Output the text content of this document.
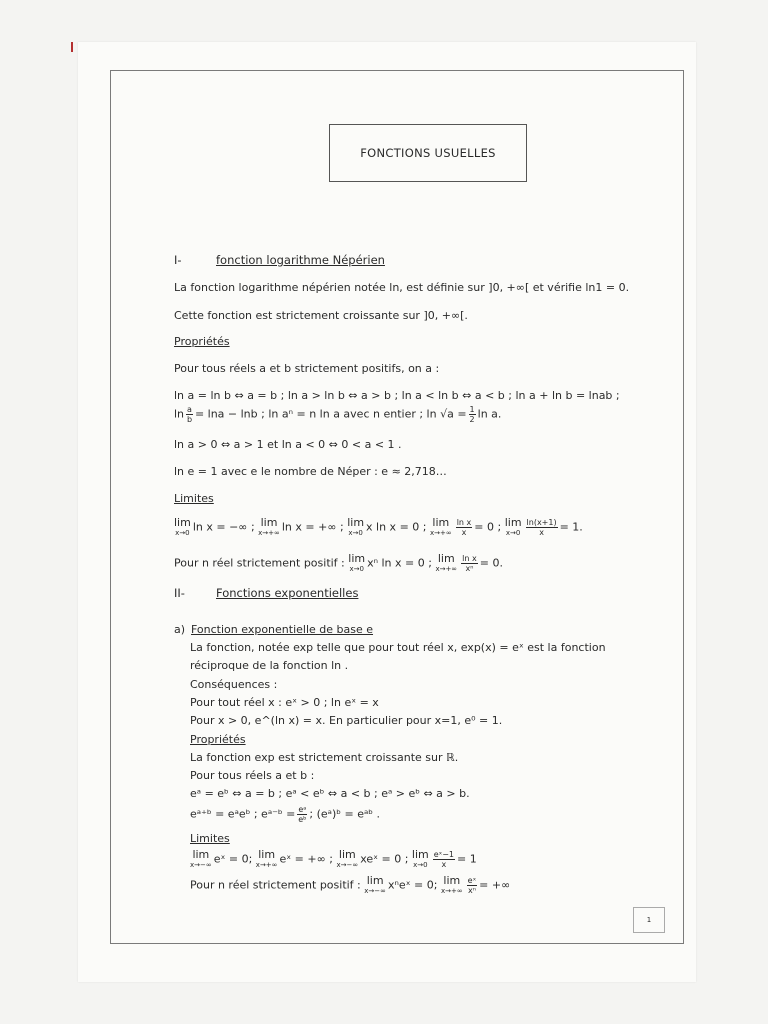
FONCTIONS USUELLES
I-	fonction logarithme Népérien
La fonction logarithme népérien notée ln, est définie sur ]0, +∞[ et vérifie ln1 = 0.
Cette fonction est strictement croissante sur ]0, +∞[.
Propriétés
Pour tous réels a et b strictement positifs, on a :
ln a = ln b ⇔ a = b ; ln a > ln b ⇔ a > b ; ln a < ln b ⇔ a < b ; ln a + ln b = lnab ;
$\ln \frac{a}{b} = \ln a - \ln b$ ; ln aⁿ = n ln a avec n entier ; $\ln √a = \frac{1}{2}$ ln a.
ln a > 0 ⇔ a > 1 et ln a < 0 ⇔ 0 < a < 1 .
ln e = 1 avec e le nombre de Néper : e ≈ 2,718…
Limites
lim
x→0 ln x = −∞ ; lim
x→+∞ ln x = +∞ ; lim
x→0 x ln x = 0 ; lim
$x\to+\infty \frac{\text{ln x}}{x} = 0$ ; lim
$x\to 0 \frac{\ln(x+1)}{x} = 1$.
Pour n réel strictement positif : lim
x→0 xⁿ ln x = 0 ; lim
$x\to+\infty \frac{\text{ln x}}{\text{xⁿ}} = 0$.
II-	Fonctions exponentielles
a) Fonction exponentielle de base e
La fonction, notée exp telle que pour tout réel x, exp(x) = eˣ est la fonction
réciproque de la fonction ln .
Conséquences :
Pour tout réel x : eˣ > 0 ; ln eˣ = x
Pour x > 0, e^(ln x) = x. En particulier pour x=1, e⁰ = 1.
Propriétés
La fonction exp est strictement croissante sur ℝ.
Pour tous réels a et b :
eᵃ = eᵇ ⇔ a = b ; eᵃ < eᵇ ⇔ a < b ; eᵃ > eᵇ ⇔ a > b.
eᵃ⁺ᵇ = eᵃeᵇ ; eᵃ⁻ᵇ = $\frac{\text{eᵃ}}{\text{eᵇ}}$ ; (eᵃ)ᵇ = eᵃᵇ .
Limites
lim
x→−∞ eˣ = 0; lim
x→+∞ eˣ = +∞ ; lim
x→−∞ xeˣ = 0 ; lim
$x\to 0 \frac{\text{eˣ−1}}{x} = 1$
Pour n réel strictement positif : lim
x→−∞ xⁿeˣ = 0; lim
$x\to+\infty \frac{\text{eˣ}}{\text{xⁿ}}$ = +∞
1
